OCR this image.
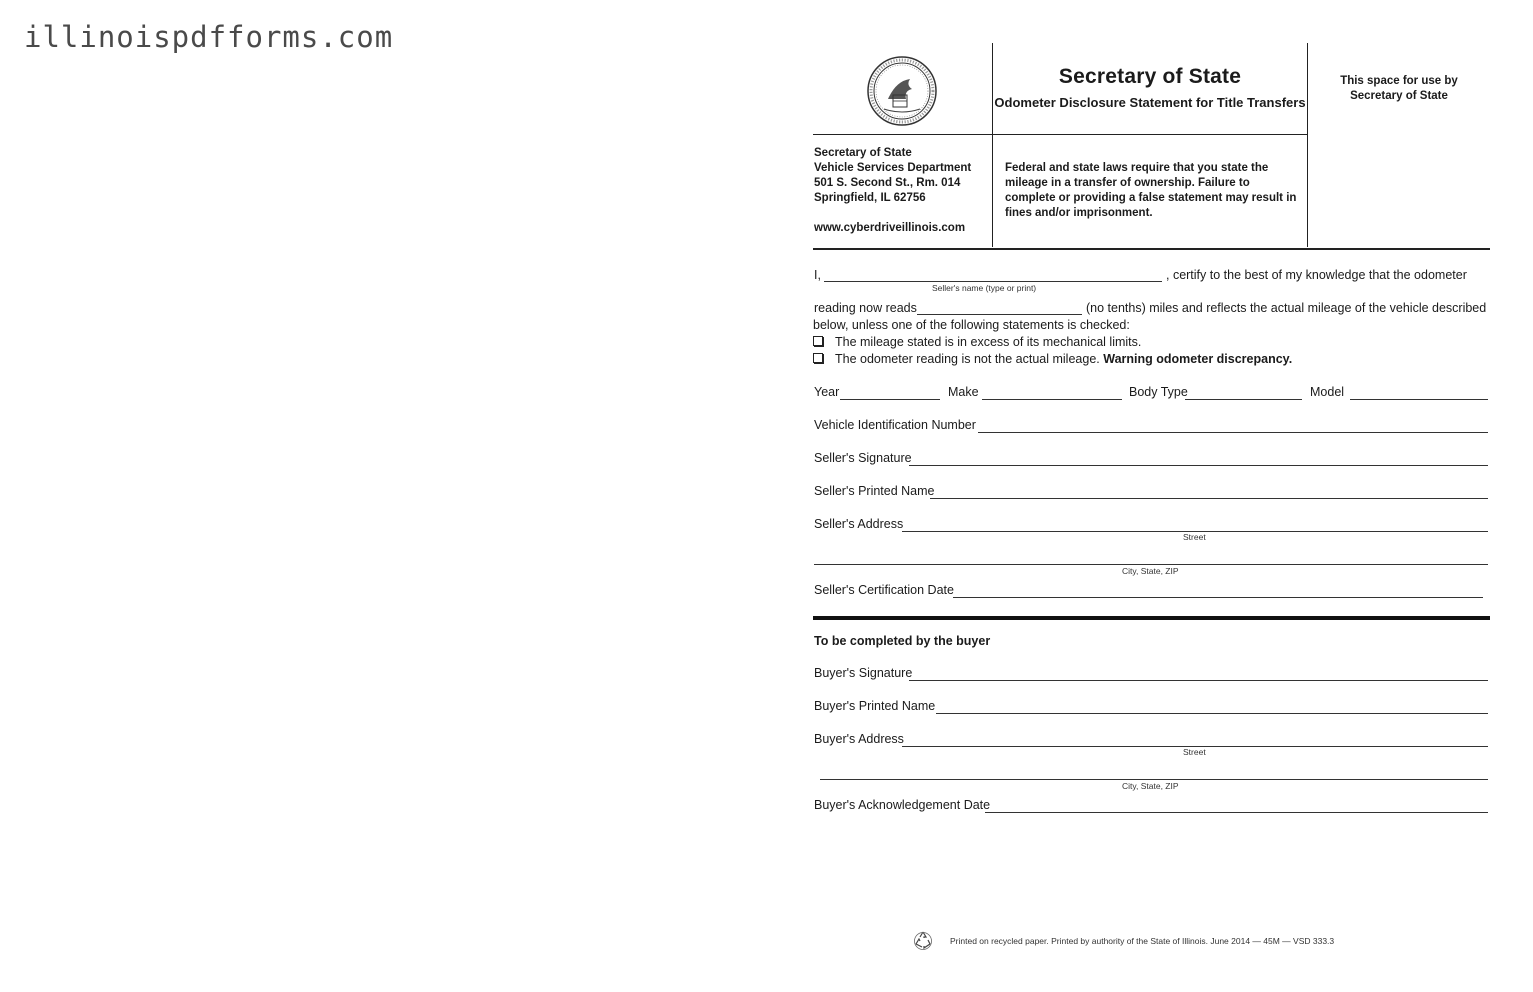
illinoispdfforms.com
Secretary of State
Odometer Disclosure Statement for Title Transfers
This space for use by
Secretary of State
Secretary of State
Vehicle Services Department
501 S. Second St., Rm. 014
Springfield, IL 62756
www.cyberdriveillinois.com
Federal and state laws require that you state the mileage in a transfer of ownership. Failure to complete or providing a false statement may result in fines and/or imprisonment.
I,	, certify to the best of my knowledge that the odometer
Seller's name (type or print)
reading now reads	(no tenths) miles and reflects the actual mileage of the vehicle described
below, unless one of the following statements is checked:
The mileage stated is in excess of its mechanical limits.
The odometer reading is not the actual mileage. Warning odometer discrepancy.
Year	Make	Body Type	Model
Vehicle Identification Number
Seller's Signature
Seller's Printed Name
Seller's Address
Street
City, State, ZIP
Seller's Certification Date
To be completed by the buyer
Buyer's Signature
Buyer's Printed Name
Buyer's Address
Street
City, State, ZIP
Buyer's Acknowledgement Date
Printed on recycled paper. Printed by authority of the State of Illinois. June 2014 — 45M — VSD 333.3
